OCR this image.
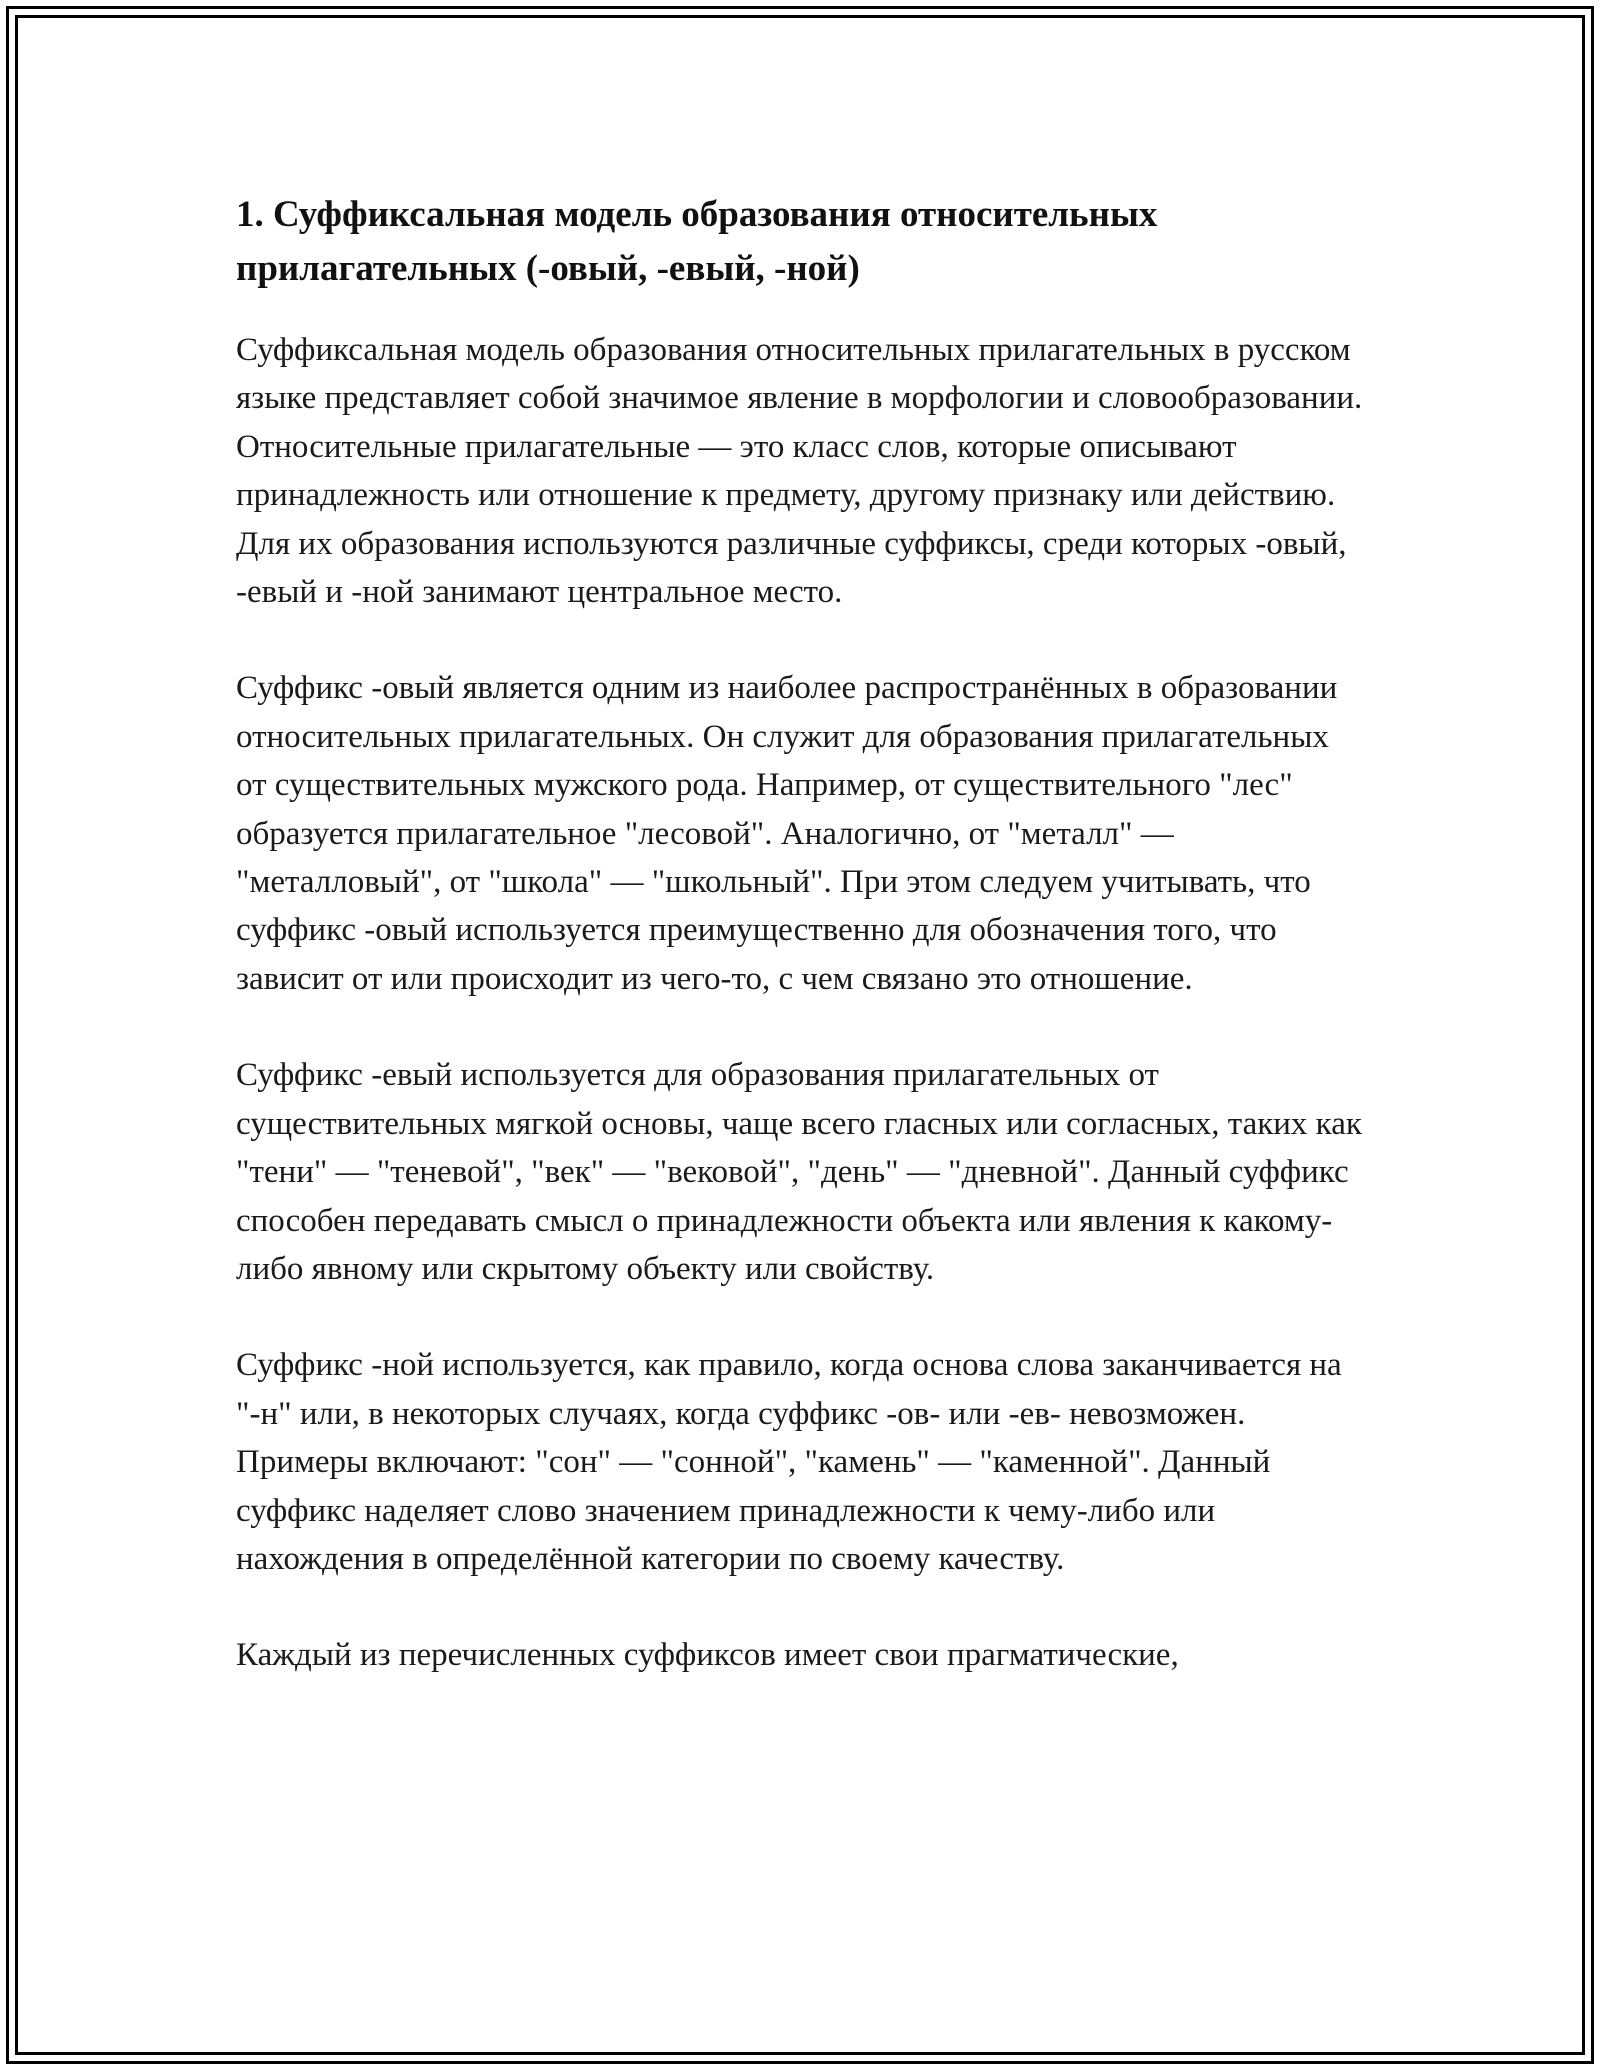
1. Суффиксальная модель образования относительных прилагательных (-овый, -евый, -ной)

Суффиксальная модель образования относительных прилагательных в русском языке представляет собой значимое явление в морфологии и словообразовании. Относительные прилагательные — это класс слов, которые описывают принадлежность или отношение к предмету, другому признаку или действию. Для их образования используются различные суффиксы, среди которых -овый, -евый и -ной занимают центральное место.

Суффикс -овый является одним из наиболее распространённых в образовании относительных прилагательных. Он служит для образования прилагательных от существительных мужского рода. Например, от существительного "лес" образуется прилагательное "лесовой". Аналогично, от "металл" — "металловый", от "школа" — "школьный". При этом следуем учитывать, что суффикс -овый используется преимущественно для обозначения того, что зависит от или происходит из чего-то, с чем связано это отношение.

Суффикс -евый используется для образования прилагательных от существительных мягкой основы, чаще всего гласных или согласных, таких как "тени" — "теневой", "век" — "вековой", "день" — "дневной". Данный суффикс способен передавать смысл о принадлежности объекта или явления к какому-либо явному или скрытому объекту или свойству.

Суффикс -ной используется, как правило, когда основа слова заканчивается на "-н" или, в некоторых случаях, когда суффикс -ов- или -ев- невозможен. Примеры включают: "сон" — "сонной", "камень" — "каменной". Данный суффикс наделяет слово значением принадлежности к чему-либо или нахождения в определённой категории по своему качеству.

Каждый из перечисленных суффиксов имеет свои прагматические,
